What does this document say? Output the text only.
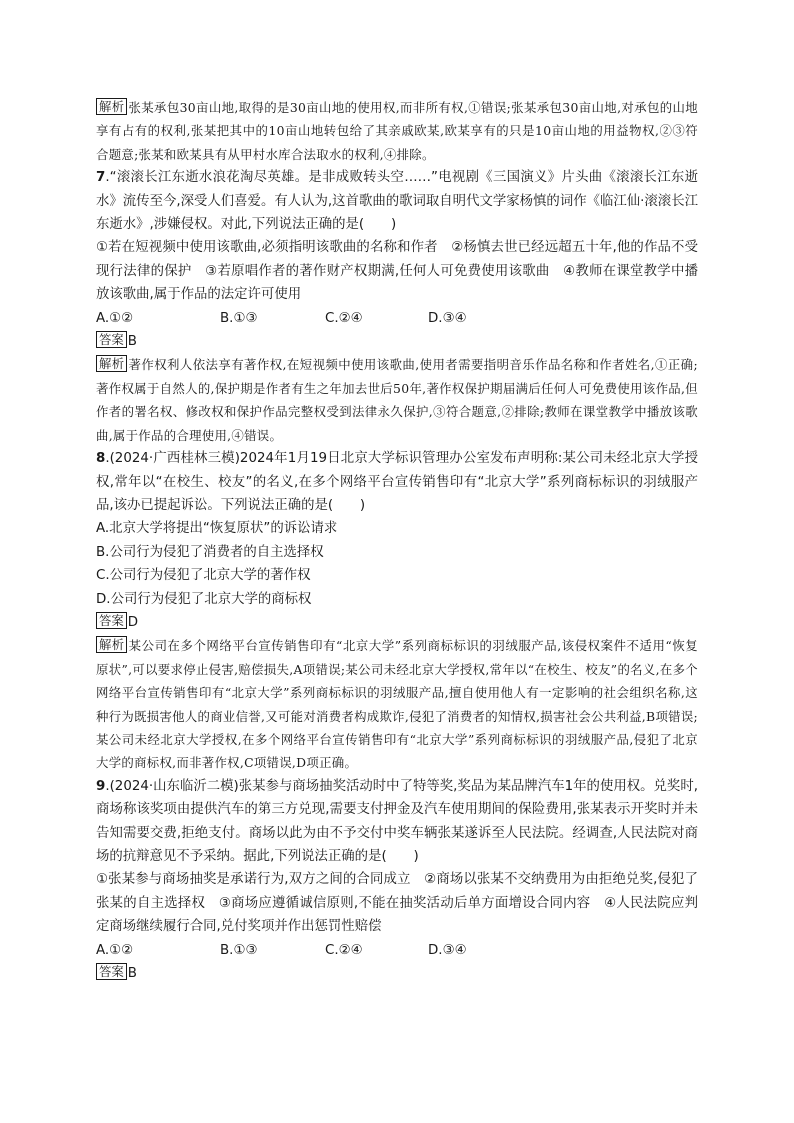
解析 张某承包30亩山地,取得的是30亩山地的使用权,而非所有权,①错误;张某承包30亩山地,对承包的山地享有占有的权利,张某把其中的10亩山地转包给了其亲戚欧某,欧某享有的只是10亩山地的用益物权,②③符合题意;张某和欧某具有从甲村水库合法取水的权利,④排除。

7.“滚滚长江东逝水浪花淘尽英雄。是非成败转头空……”电视剧《三国演义》片头曲《滚滚长江东逝水》流传至今,深受人们喜爱。有人认为,这首歌曲的歌词取自明代文学家杨慎的词作《临江仙·滚滚长江东逝水》,涉嫌侵权。对此,下列说法正确的是(　　)

①若在短视频中使用该歌曲,必须指明该歌曲的名称和作者　②杨慎去世已经远超五十年,他的作品不受现行法律的保护　③若原唱作者的著作财产权期满,任何人可免费使用该歌曲　④教师在课堂教学中播放该歌曲,属于作品的法定许可使用

A.①②	B.①③	C.②④	D.③④

答案 B

解析 著作权利人依法享有著作权,在短视频中使用该歌曲,使用者需要指明音乐作品名称和作者姓名,①正确;著作权属于自然人的,保护期是作者有生之年加去世后50年,著作权保护期届满后任何人可免费使用该作品,但作者的署名权、修改权和保护作品完整权受到法律永久保护,③符合题意,②排除;教师在课堂教学中播放该歌曲,属于作品的合理使用,④错误。

8.(2024·广西桂林三模)2024年1月19日北京大学标识管理办公室发布声明称:某公司未经北京大学授权,常年以“在校生、校友”的名义,在多个网络平台宣传销售印有“北京大学”系列商标标识的羽绒服产品,该办已提起诉讼。下列说法正确的是(　　)

A.北京大学将提出“恢复原状”的诉讼请求

B.公司行为侵犯了消费者的自主选择权

C.公司行为侵犯了北京大学的著作权

D.公司行为侵犯了北京大学的商标权

答案 D

解析 某公司在多个网络平台宣传销售印有“北京大学”系列商标标识的羽绒服产品,该侵权案件不适用“恢复原状”,可以要求停止侵害,赔偿损失,A项错误;某公司未经北京大学授权,常年以“在校生、校友”的名义,在多个网络平台宣传销售印有“北京大学”系列商标标识的羽绒服产品,擅自使用他人有一定影响的社会组织名称,这种行为既损害他人的商业信誉,又可能对消费者构成欺诈,侵犯了消费者的知情权,损害社会公共利益,B项错误;某公司未经北京大学授权,在多个网络平台宣传销售印有“北京大学”系列商标标识的羽绒服产品,侵犯了北京大学的商标权,而非著作权,C项错误,D项正确。

9.(2024·山东临沂二模)张某参与商场抽奖活动时中了特等奖,奖品为某品牌汽车1年的使用权。兑奖时,商场称该奖项由提供汽车的第三方兑现,需要支付押金及汽车使用期间的保险费用,张某表示开奖时并未告知需要交费,拒绝支付。商场以此为由不予交付中奖车辆张某遂诉至人民法院。经调查,人民法院对商场的抗辩意见不予采纳。据此,下列说法正确的是(　　)

①张某参与商场抽奖是承诺行为,双方之间的合同成立　②商场以张某不交纳费用为由拒绝兑奖,侵犯了张某的自主选择权　③商场应遵循诚信原则,不能在抽奖活动后单方面增设合同内容　④人民法院应判定商场继续履行合同,兑付奖项并作出惩罚性赔偿

A.①②	B.①③	C.②④	D.③④

答案 B
